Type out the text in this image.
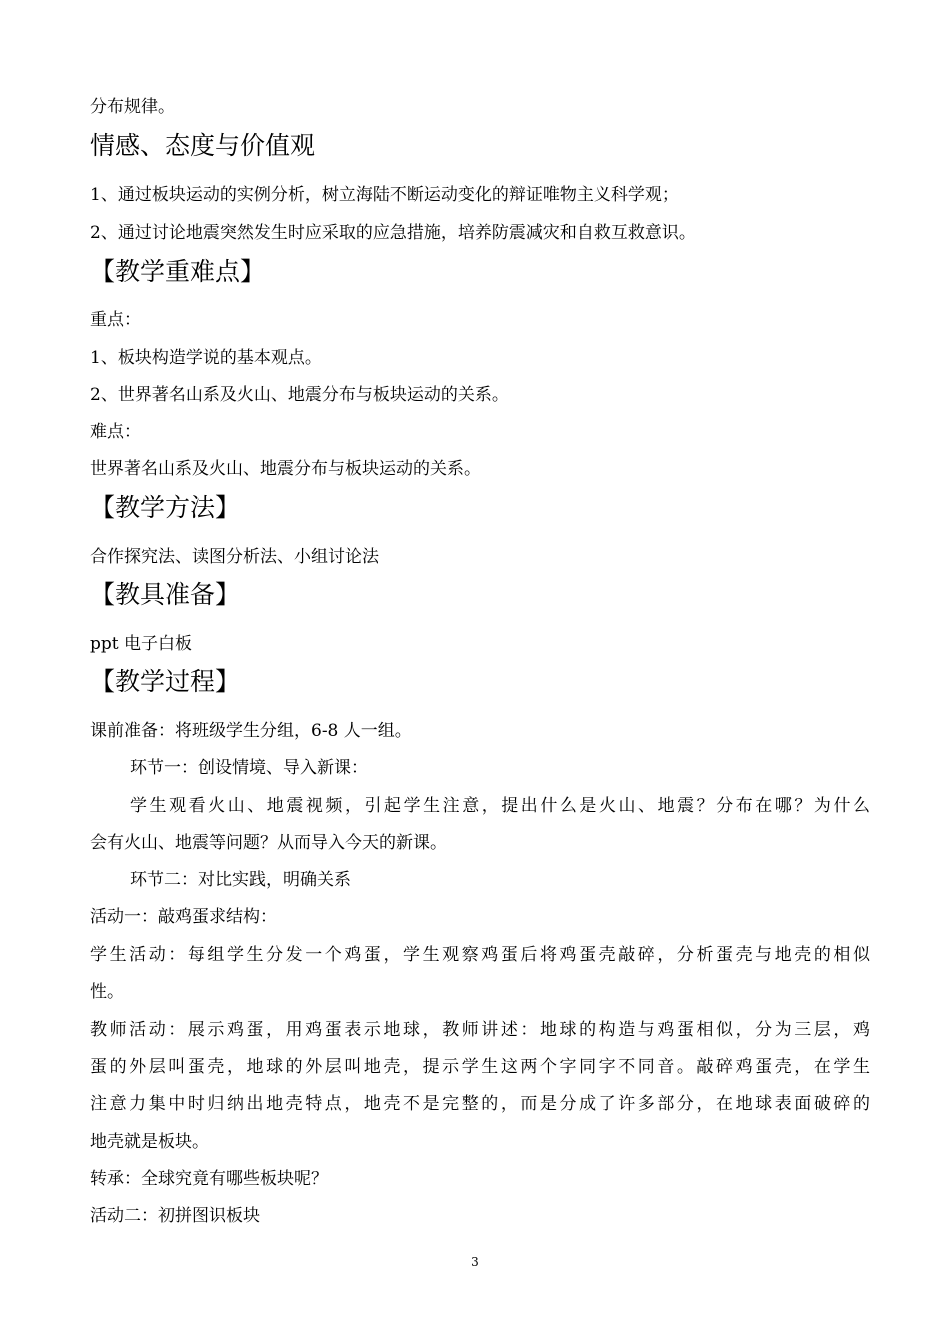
分布规律。
情感、态度与价值观
1、通过板块运动的实例分析，树立海陆不断运动变化的辩证唯物主义科学观；
2、通过讨论地震突然发生时应采取的应急措施，培养防震减灾和自救互救意识。
【教学重难点】
重点：
1、板块构造学说的基本观点。
2、世界著名山系及火山、地震分布与板块运动的关系。
难点：
世界著名山系及火山、地震分布与板块运动的关系。
【教学方法】
合作探究法、读图分析法、小组讨论法
【教具准备】
ppt 电子白板
【教学过程】
课前准备：将班级学生分组，6-8 人一组。
环节一：创设情境、导入新课：
学生观看火山、地震视频，引起学生注意，提出什么是火山、地震？分布在哪？为什么
会有火山、地震等问题？从而导入今天的新课。
环节二：对比实践，明确关系
活动一：敲鸡蛋求结构：
学生活动：每组学生分发一个鸡蛋，学生观察鸡蛋后将鸡蛋壳敲碎，分析蛋壳与地壳的相似
性。
教师活动：展示鸡蛋，用鸡蛋表示地球，教师讲述：地球的构造与鸡蛋相似，分为三层，鸡
蛋的外层叫蛋壳，地球的外层叫地壳，提示学生这两个字同字不同音。敲碎鸡蛋壳，在学生
注意力集中时归纳出地壳特点，地壳不是完整的，而是分成了许多部分，在地球表面破碎的
地壳就是板块。
转承：全球究竟有哪些板块呢？
活动二：初拼图识板块
3
